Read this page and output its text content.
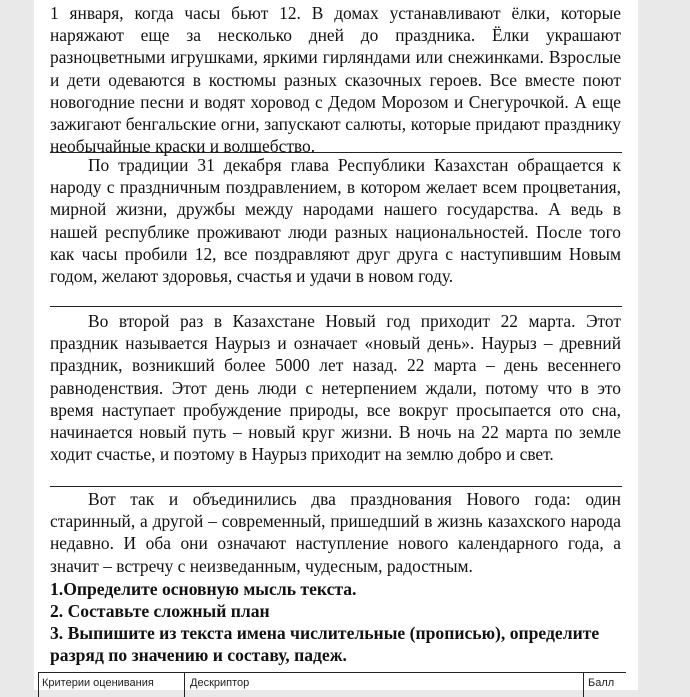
1 января, когда часы бьют 12. В домах устанавливают ёлки, которые наряжают еще за несколько дней до праздника. Ёлки украшают разноцветными игрушками, яркими гирляндами или снежинками. Взрослые и дети одеваются в костюмы разных сказочных героев. Все вместе поют новогодние песни и водят хоровод с Дедом Морозом и Снегурочкой. А еще зажигают бенгальские огни, запускают салюты, которые придают празднику необычайные краски и волшебство.

По традиции 31 декабря глава Республики Казахстан обращается к народу с праздничным поздравлением, в котором желает всем процветания, мирной жизни, дружбы между народами нашего государства. А ведь в нашей республике проживают люди разных национальностей. После того как часы пробили 12, все поздравляют друг друга с наступившим Новым годом, желают здоровья, счастья и удачи в новом году.

Во второй раз в Казахстане Новый год приходит 22 марта. Этот праздник называется Наурыз и означает «новый день». Наурыз – древний праздник, возникший более 5000 лет назад. 22 марта – день весеннего равноденствия. Этот день люди с нетерпением ждали, потому что в это время наступает пробуждение природы, все вокруг просыпается ото сна, начинается новый путь – новый круг жизни. В ночь на 22 марта по земле ходит счастье, и поэтому в Наурыз приходит на землю добро и свет.

Вот так и объединились два празднования Нового года: один старинный, а другой – современный, пришедший в жизнь казахского народа недавно. И оба они означают наступление нового календарного года, а значит – встречу с неизведанным, чудесным, радостным.

1.Определите основную мысль текста.

2. Составьте сложный план

3. Выпишите из текста имена числительные (прописью), определите разряд по значению и составу, падеж.

Критерии оценивания	Дескриптор	Балл
